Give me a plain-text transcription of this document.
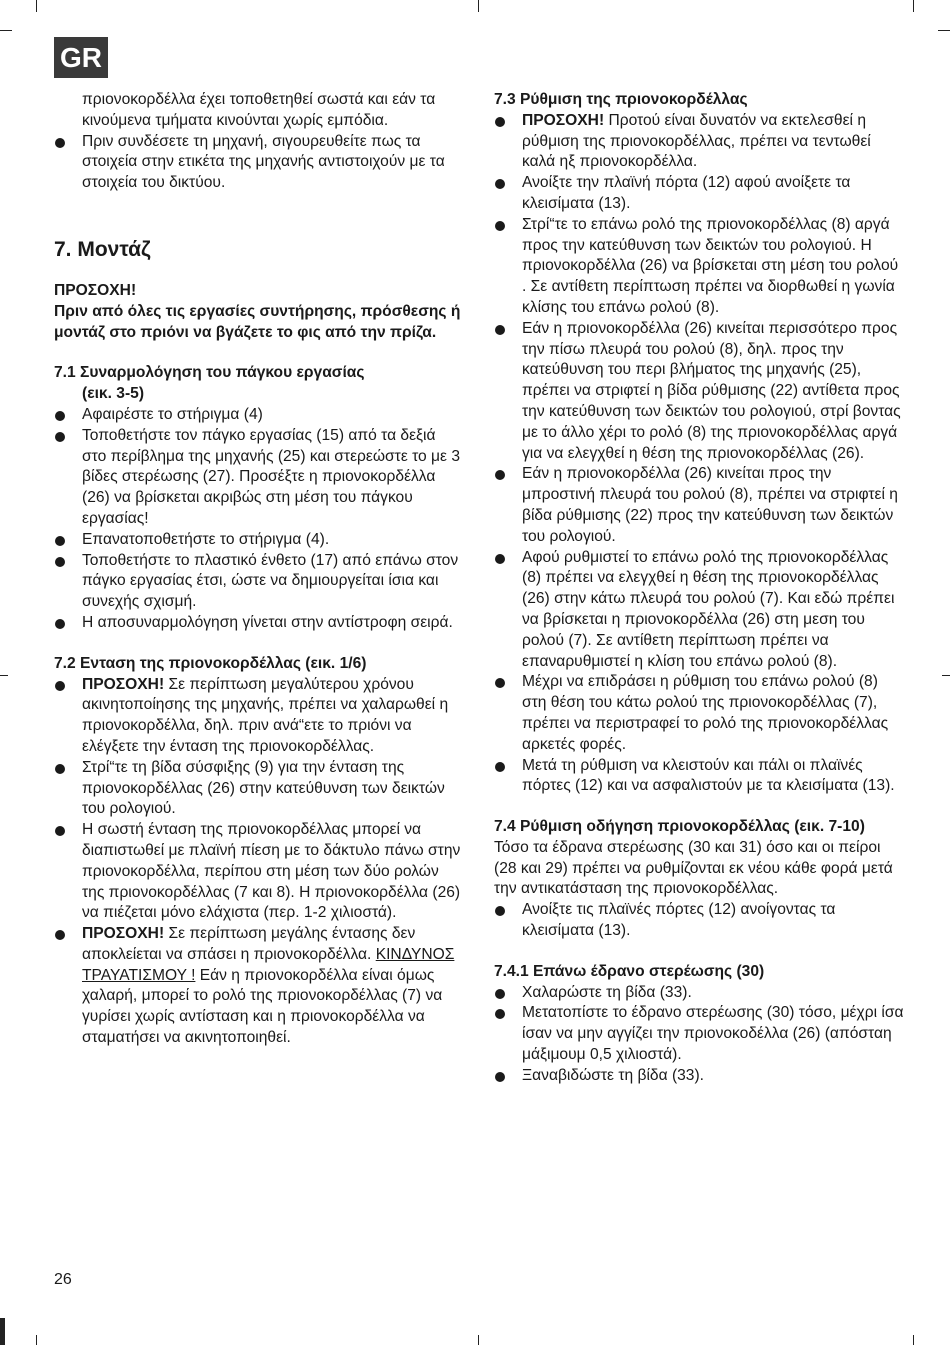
GR

πριονοκορδέλλα έχει τοποθετηθεί σωστά και εάν τα κινούμενα τμήματα κινούνται χωρίς εμπόδια.

Πριν συνδέσετε τη μηχανή, σιγουρευθείτε πως τα στοιχεία στην ετικέτα της μηχανής αντιστοιχούν με τα στοιχεία του δικτύου.

7. Μοντάζ

ΠΡΟΣΟΧΗ!

Πριν από όλες τις εργασίες συντήρησης, πρόσθεσης ή μοντάζ στο πριόνι να βγάζετε το φις από την πρίζα.

7.1 Συναρμολόγηση του πάγκου εργασίας

(εικ. 3-5)

Αφαιρέστε το στήριγμα (4)

Τοποθετήστε τον πάγκο εργασίας (15) από τα δεξιά στο περίβλημα της μηχανής (25) και στερεώστε το με 3 βίδες στερέωσης (27). Προσέξτε η πριονοκορδέλλα (26) να βρίσκεται ακριβώς στη μέση του πάγκου εργασίας!

Επανατοποθετήστε το στήριγμα (4).

Τοποθετήστε το πλαστικό ένθετο (17) από επάνω στον πάγκο εργασίας έτσι, ώστε να δημιουργείται ίσια και συνεχής σχισμή.

Η αποσυναρμολόγηση γίνεται στην αντίστροφη σειρά.

7.2 Ενταση της πριονοκορδέλλας (εικ. 1/6)

ΠΡΟΣΟΧΗ! Σε περίπτωση μεγαλύτερου χρόνου ακινητοποίησης της μηχανής, πρέπει να χαλαρωθεί η πριονοκορδέλλα, δηλ. πριν ανά“ετε το πριόνι να ελέγξετε την ένταση της πριονοκορδέλλας.

Στρί“τε τη βίδα σύσφιξης (9) για την ένταση της πριονοκορδέλλας (26) στην κατεύθυνση των δεικτών του ρολογιού.

Η σωστή ένταση της πριονοκορδέλλας μπορεί να διαπιστωθεί με πλαϊνή πίεση με το δάκτυλο πάνω στην πριονοκορδέλλα, περίπου στη μέση των δύο ρολών της πριονοκορδέλλας (7 και 8). Η πριονοκορδέλλα (26) να πιέζεται μόνο ελάχιστα (περ. 1-2 χιλιοστά).

ΠΡΟΣΟΧΗ! Σε περίπτωση μεγάλης έντασης δεν αποκλείεται να σπάσει η πριονοκορδέλλα. ΚΙΝΔΥΝΟΣ ΤΡΑΥΑΤΙΣΜΟΥ ! Εάν η πριονοκορδέλλα είναι όμως χαλαρή, μπορεί το ρολό της πριονοκορδέλλας (7) να γυρίσει χωρίς αντίσταση και η πριονοκορδέλλα να σταματήσει να ακινητοποιηθεί.

7.3 Ρύθμιση της πριονοκορδέλλας

ΠΡΟΣΟΧΗ! Προτού είναι δυνατόν να εκτελεσθεί η ρύθμιση της πριονοκορδέλλας, πρέπει να τεντωθεί καλά ηξ πριονοκορδέλλα.

Ανοίξτε την πλαϊνή πόρτα (12) αφού ανοίξετε τα κλεισίματα (13).

Στρί“τε το επάνω ρολό της πριονοκορδέλλας (8) αργά προς την κατεύθυνση των δεικτών του ρολογιού. Η πριονοκορδέλλα (26) να βρίσκεται στη μέση του ρολού . Σε αντίθετη περίπτωση πρέπει να διορθωθεί η γωνία κλίσης του επάνω ρολού (8).

Εάν η πριονοκορδέλλα (26) κινείται περισσότερο προς την πίσω πλευρά του ρολού (8), δηλ. προς την κατεύθυνση του περι βλήματος της μηχανής (25), πρέπει να στριφτεί η βίδα ρύθμισης (22) αντίθετα προς την κατεύθυνση των δεικτών του ρολογιού, στρί βοντας με το άλλο χέρι το ρολό (8) της πριονοκορδέλλας αργά για να ελεγχθεί η θέση της πριονοκορδέλλας (26).

Εάν η πριονοκορδέλλα (26) κινείται προς την μπροστινή πλευρά του ρολού (8), πρέπει να στριφτεί η βίδα ρύθμισης (22) προς την κατεύθυνση των δεικτών του ρολογιού.

Αφού ρυθμιστεί το επάνω ρολό της πριονοκορδέλλας (8) πρέπει να ελεγχθεί η θέση της πριονοκορδέλλας (26) στην κάτω πλευρά του ρολού (7). Και εδώ πρέπει να βρίσκεται η πριονοκορδέλλα (26) στη μεση του ρολού (7). Σε αντίθετη περίπτωση πρέπει να επαναρυθμιστεί η κλίση του επάνω ρολού (8).

Μέχρι να επιδράσει η ρύθμιση του επάνω ρολού (8) στη θέση του κάτω ρολού της πριονοκορδέλλας (7), πρέπει να περιστραφεί το ρολό της πριονοκορδέλλας αρκετές φορές.

Μετά τη ρύθμιση να κλειστούν και πάλι οι πλαϊνές πόρτες (12) και να ασφαλιστούν με τα κλεισίματα (13).

7.4 Ρύθμιση οδήγηση πριονοκορδέλλας (εικ. 7-10)

Τόσο τα έδρανα στερέωσης (30 και 31) όσο και οι πείροι (28 και 29) πρέπει να ρυθμίζονται εκ νέου κάθε φορά μετά την αντικατάσταση της πριονοκορδέλλας.

Ανοίξτε τις πλαϊνές πόρτες (12) ανοίγοντας τα κλεισίματα (13).

7.4.1 Επάνω έδρανο στερέωσης (30)

Χαλαρώστε τη βίδα (33).

Μετατοπίστε το έδρανο στερέωσης (30) τόσο, μέχρι ίσα ίσαν να μην αγγίζει την πριονοκοδέλλα (26) (απόσταη μάξιμουμ 0,5 χιλιοστά).

Ξαναβιδώστε τη βίδα (33).

26
